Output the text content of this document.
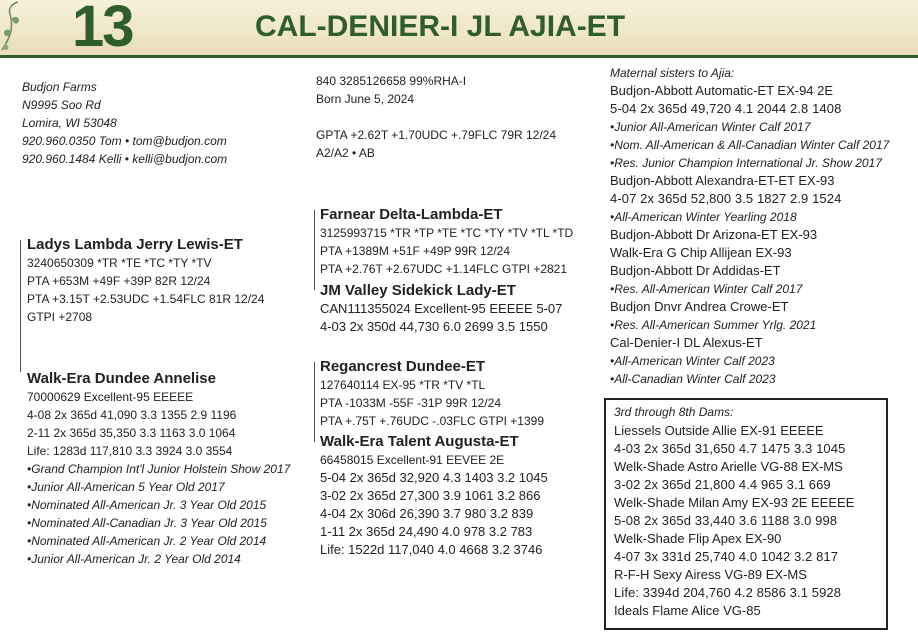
13	CAL-DENIER-I JL AJIA-ET
Budjon Farms
N9995 Soo Rd
Lomira, WI 53048
920.960.0350 Tom • tom@budjon.com
920.960.1484 Kelli • kelli@budjon.com
840 3285126658 99%RHA-I
Born June 5, 2024
GPTA +2.62T +1.70UDC +.79FLC 79R 12/24
A2/A2 • AB
Ladys Lambda Jerry Lewis-ET
3240650309 *TR *TE *TC *TY *TV
PTA +653M +49F +39P 82R 12/24
PTA +3.15T +2.53UDC +1.54FLC 81R 12/24
GTPI +2708
Walk-Era Dundee Annelise
70000629 Excellent-95 EEEEE
4-08 2x 365d 41,090 3.3 1355 2.9 1196
2-11 2x 365d 35,350 3.3 1163 3.0 1064
Life: 1283d 117,810 3.3 3924 3.0 3554
•Grand Champion Int'l Junior Holstein Show 2017
•Junior All-American 5 Year Old 2017
•Nominated All-American Jr. 3 Year Old 2015
•Nominated All-Canadian Jr. 3 Year Old 2015
•Nominated All-American Jr. 2 Year Old 2014
•Junior All-American Jr. 2 Year Old 2014
Farnear Delta-Lambda-ET
3125993715 *TR *TP *TE *TC *TY *TV *TL *TD
PTA +1389M +51F +49P 99R 12/24
PTA +2.76T +2.67UDC +1.14FLC GTPI +2821
JM Valley Sidekick Lady-ET
CAN111355024 Excellent-95 EEEEE 5-07
4-03 2x 350d 44,730 6.0 2699 3.5 1550
Regancrest Dundee-ET
127640114 EX-95 *TR *TV *TL
PTA -1033M -55F -31P 99R 12/24
PTA +.75T +.76UDC -.03FLC GTPI +1399
Walk-Era Talent Augusta-ET
66458015 Excellent-91 EEVEE 2E
5-04 2x 365d 32,920 4.3 1403 3.2 1045
3-02 2x 365d 27,300 3.9 1061 3.2 866
4-04 2x 306d 26,390 3.7 980 3.2 839
1-11 2x 365d 24,490 4.0 978 3.2 783
Life: 1522d 117,040 4.0 4668 3.2 3746
Maternal sisters to Ajia:
Budjon-Abbott Automatic-ET EX-94 2E
5-04 2x 365d 49,720 4.1 2044 2.8 1408
•Junior All-American Winter Calf 2017
•Nom. All-American & All-Canadian Winter Calf 2017
•Res. Junior Champion International Jr. Show 2017
Budjon-Abbott Alexandra-ET-ET EX-93
4-07 2x 365d 52,800 3.5 1827 2.9 1524
•All-American Winter Yearling 2018
Budjon-Abbott Dr Arizona-ET EX-93
Walk-Era G Chip Allijean EX-93
Budjon-Abbott Dr Addidas-ET
•Res. All-American Winter Calf 2017
Budjon Dnvr Andrea Crowe-ET
•Res. All-American Summer Yrlg. 2021
Cal-Denier-I DL Alexus-ET
•All-American Winter Calf 2023
•All-Canadian Winter Calf 2023
3rd through 8th Dams:
Liessels Outside Allie EX-91 EEEEE
4-03 2x 365d 31,650 4.7 1475 3.3 1045
Welk-Shade Astro Arielle VG-88 EX-MS
3-02 2x 365d 21,800 4.4 965 3.1 669
Welk-Shade Milan Amy EX-93 2E EEEEE
5-08 2x 365d 33,440 3.6 1188 3.0 998
Welk-Shade Flip Apex EX-90
4-07 3x 331d 25,740 4.0 1042 3.2 817
R-F-H Sexy Airess VG-89 EX-MS
Life: 3394d 204,760 4.2 8586 3.1 5928
Ideals Flame Alice VG-85
